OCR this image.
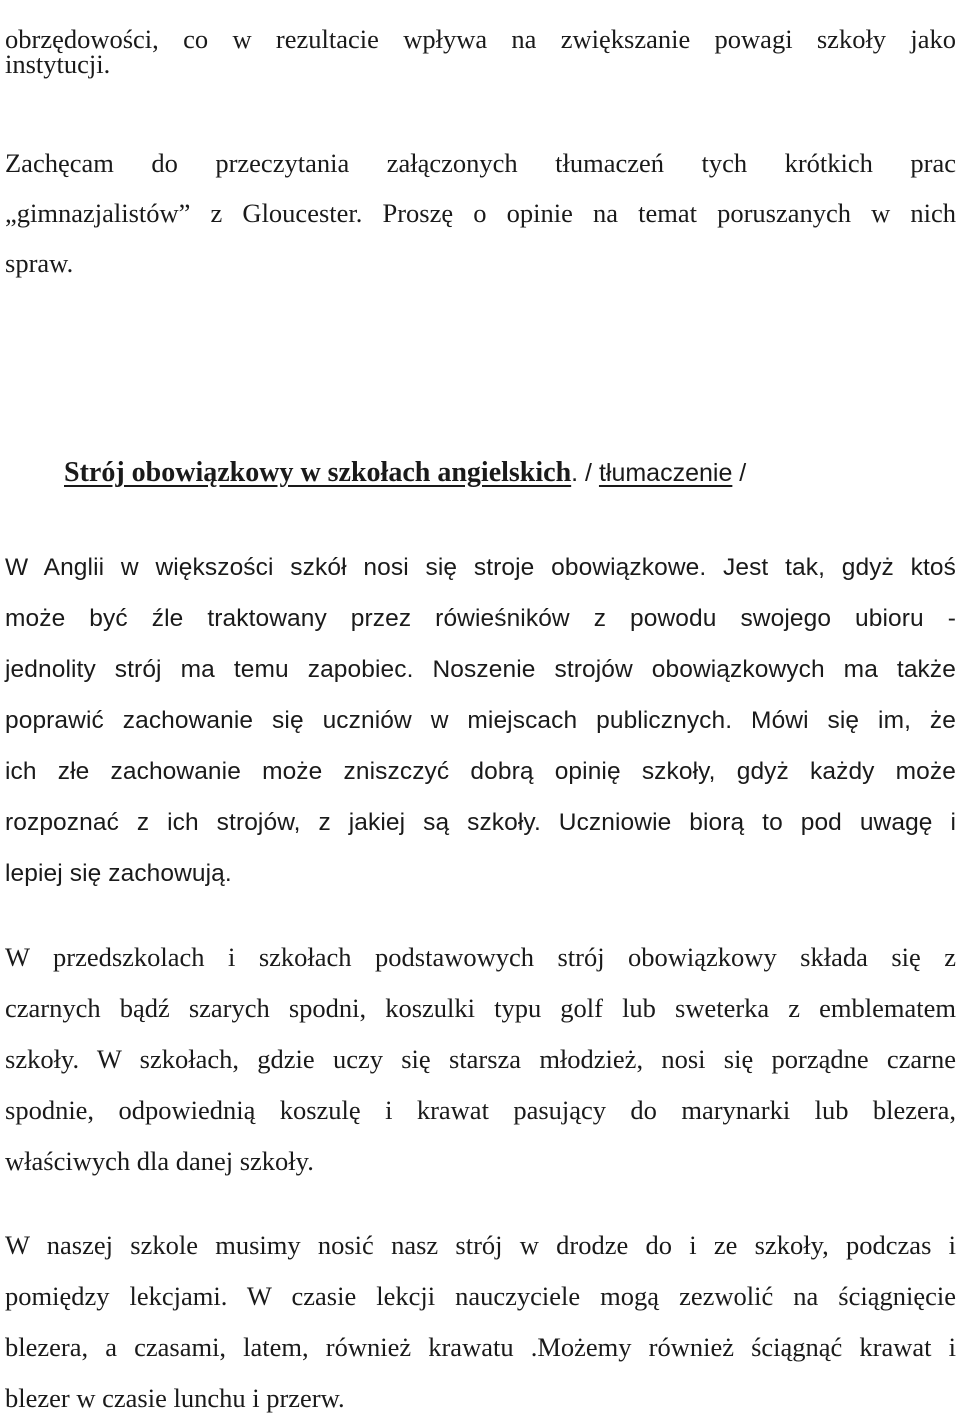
obrzędowości, co w rezultacie wpływa na zwiększanie powagi szkoły jako
instytucji.
Zachęcam do przeczytania załączonych tłumaczeń tych krótkich prac
„gimnazjalistów” z Gloucester. Proszę o opinie na temat poruszanych w nich
spraw.
Strój obowiązkowy w szkołach angielskich. / tłumaczenie /
W Anglii w większości szkół nosi się stroje obowiązkowe. Jest tak, gdyż ktoś
może być źle traktowany przez rówieśników z powodu swojego ubioru -
jednolity strój ma temu zapobiec. Noszenie strojów obowiązkowych ma także
poprawić zachowanie się uczniów w miejscach publicznych. Mówi się im, że
ich złe zachowanie może zniszczyć dobrą opinię szkoły, gdyż każdy może
rozpoznać z ich strojów, z jakiej są szkoły. Uczniowie biorą to pod uwagę i
lepiej się zachowują.
W przedszkolach i szkołach podstawowych strój obowiązkowy składa się z
czarnych bądź szarych spodni, koszulki typu golf lub sweterka z emblematem
szkoły. W szkołach, gdzie uczy się starsza młodzież, nosi się porządne czarne
spodnie, odpowiednią koszulę i krawat pasujący do marynarki lub blezera,
właściwych dla danej szkoły.
W naszej szkole musimy nosić nasz strój w drodze do i ze szkoły, podczas i
pomiędzy lekcjami. W czasie lekcji nauczyciele mogą zezwolić na ściągnięcie
blezera, a czasami, latem, również krawatu .Możemy również ściągnąć krawat i
blezer w czasie lunchu i przerw.
